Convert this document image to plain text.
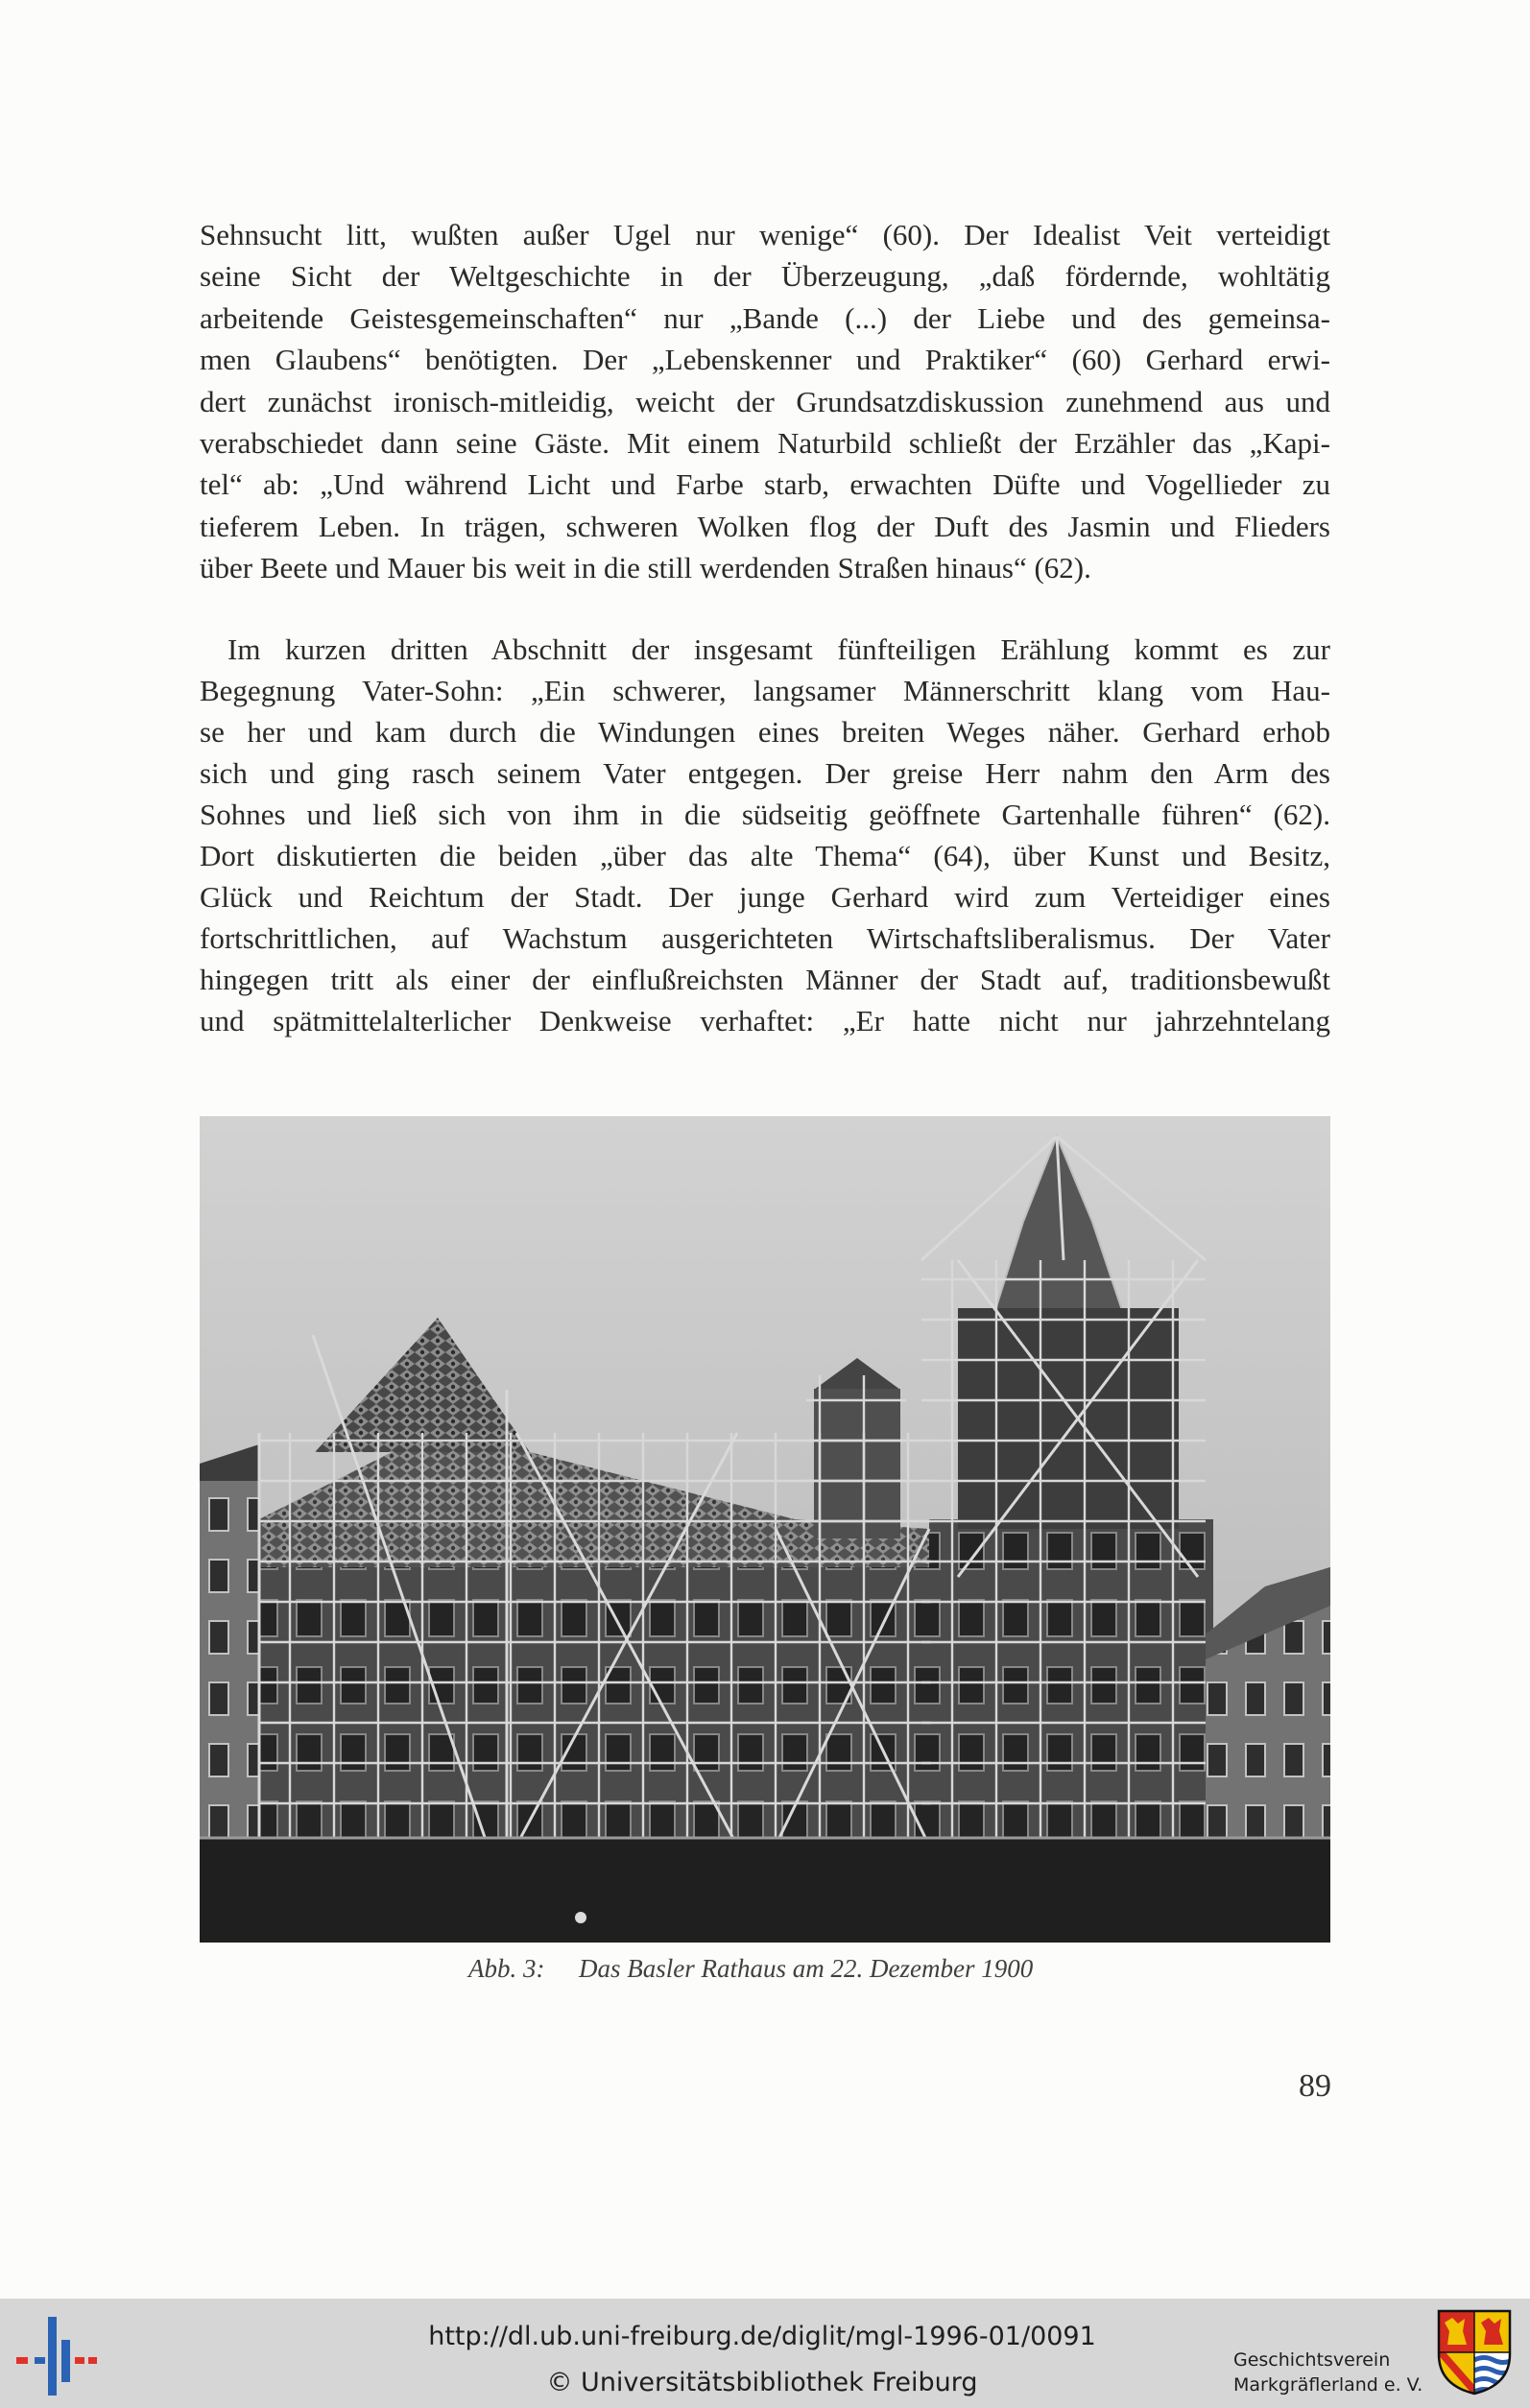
Sehnsucht litt, wußten außer Ugel nur wenige“ (60). Der Idealist Veit verteidigt
seine Sicht der Weltgeschichte in der Überzeugung, „daß fördernde, wohltätig
arbeitende Geistesgemeinschaften“ nur „Bande (...) der Liebe und des gemeinsa-
men Glaubens“ benötigten. Der „Lebenskenner und Praktiker“ (60) Gerhard erwi-
dert zunächst ironisch-mitleidig, weicht der Grundsatzdiskussion zunehmend aus und
verabschiedet dann seine Gäste. Mit einem Naturbild schließt der Erzähler das „Kapi-
tel“ ab: „Und während Licht und Farbe starb, erwachten Düfte und Vogellieder zu
tieferem Leben. In trägen, schweren Wolken flog der Duft des Jasmin und Flieders
über Beete und Mauer bis weit in die still werdenden Straßen hinaus“ (62).
Im kurzen dritten Abschnitt der insgesamt fünfteiligen Erählung kommt es zur
Begegnung Vater-Sohn: „Ein schwerer, langsamer Männerschritt klang vom Hau-
se her und kam durch die Windungen eines breiten Weges näher. Gerhard erhob
sich und ging rasch seinem Vater entgegen. Der greise Herr nahm den Arm des
Sohnes und ließ sich von ihm in die südseitig geöffnete Gartenhalle führen“ (62).
Dort diskutierten die beiden „über das alte Thema“ (64), über Kunst und Besitz,
Glück und Reichtum der Stadt. Der junge Gerhard wird zum Verteidiger eines
fortschrittlichen, auf Wachstum ausgerichteten Wirtschaftsliberalismus. Der Vater
hingegen tritt als einer der einflußreichsten Männer der Stadt auf, traditionsbewußt
und spätmittelalterlicher Denkweise verhaftet: „Er hatte nicht nur jahrzehntelang
Abb. 3: Das Basler Rathaus am 22. Dezember 1900
89
http://dl.ub.uni-freiburg.de/diglit/mgl-1996-01/0091
© Universitätsbibliothek Freiburg
Geschichtsverein
Markgräflerland e. V.
